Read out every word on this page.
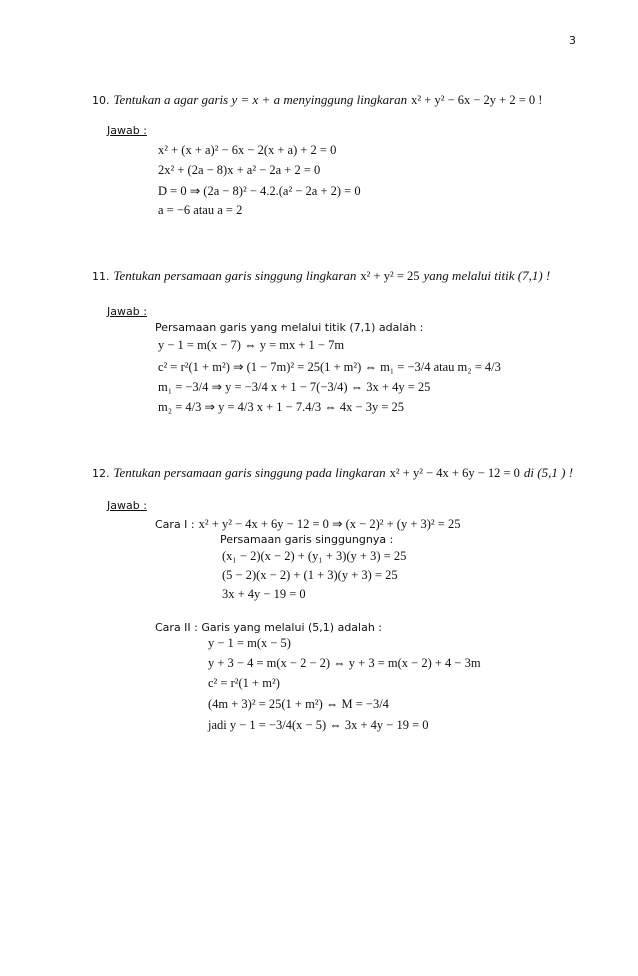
3
10. Tentukan a agar garis y = x + a menyinggung lingkaran x² + y² − 6x − 2y + 2 = 0 !
Jawab :
x² + (x + a)² − 6x − 2(x + a) + 2 = 0
2x² + (2a − 8)x + a² − 2a + 2 = 0
D = 0 ⇒ (2a − 8)² − 4.2.(a² − 2a + 2) = 0
a = −6 atau a = 2
11. Tentukan persamaan garis singgung lingkaran x² + y² = 25 yang melalui titik (7,1) !
Jawab :
Persamaan garis yang melalui titik (7,1) adalah :
y − 1 = m(x − 7) ⇔ y = mx + 1 − 7m
c² = r²(1 + m²) ⇒ (1 − 7m)² = 25(1 + m²) ⇔ m₁ = −3/4 atau m₂ = 4/3
m₁ = −3/4 ⇒ y = −3/4 x + 1 − 7(−3/4) ⇔ 3x + 4y = 25
m₂ = 4/3 ⇒ y = 4/3 x + 1 − 7.4/3 ⇔ 4x − 3y = 25
12. Tentukan persamaan garis singgung pada lingkaran x² + y² − 4x + 6y − 12 = 0 di (5,1 ) !
Jawab :
Cara I : x² + y² − 4x + 6y − 12 = 0 ⇒ (x − 2)² + (y + 3)² = 25
Persamaan garis singgungnya :
(x₁ − 2)(x − 2) + (y₁ + 3)(y + 3) = 25
(5 − 2)(x − 2) + (1 + 3)(y + 3) = 25
3x + 4y − 19 = 0
Cara II : Garis yang melalui (5,1) adalah :
y − 1 = m(x − 5)
y + 3 − 4 = m(x − 2 − 2) ⇔ y + 3 = m(x − 2) + 4 − 3m
c² = r²(1 + m²)
(4m + 3)² = 25(1 + m²) ⇔ M = −3/4
jadi y − 1 = −3/4(x − 5) ⇔ 3x + 4y − 19 = 0
